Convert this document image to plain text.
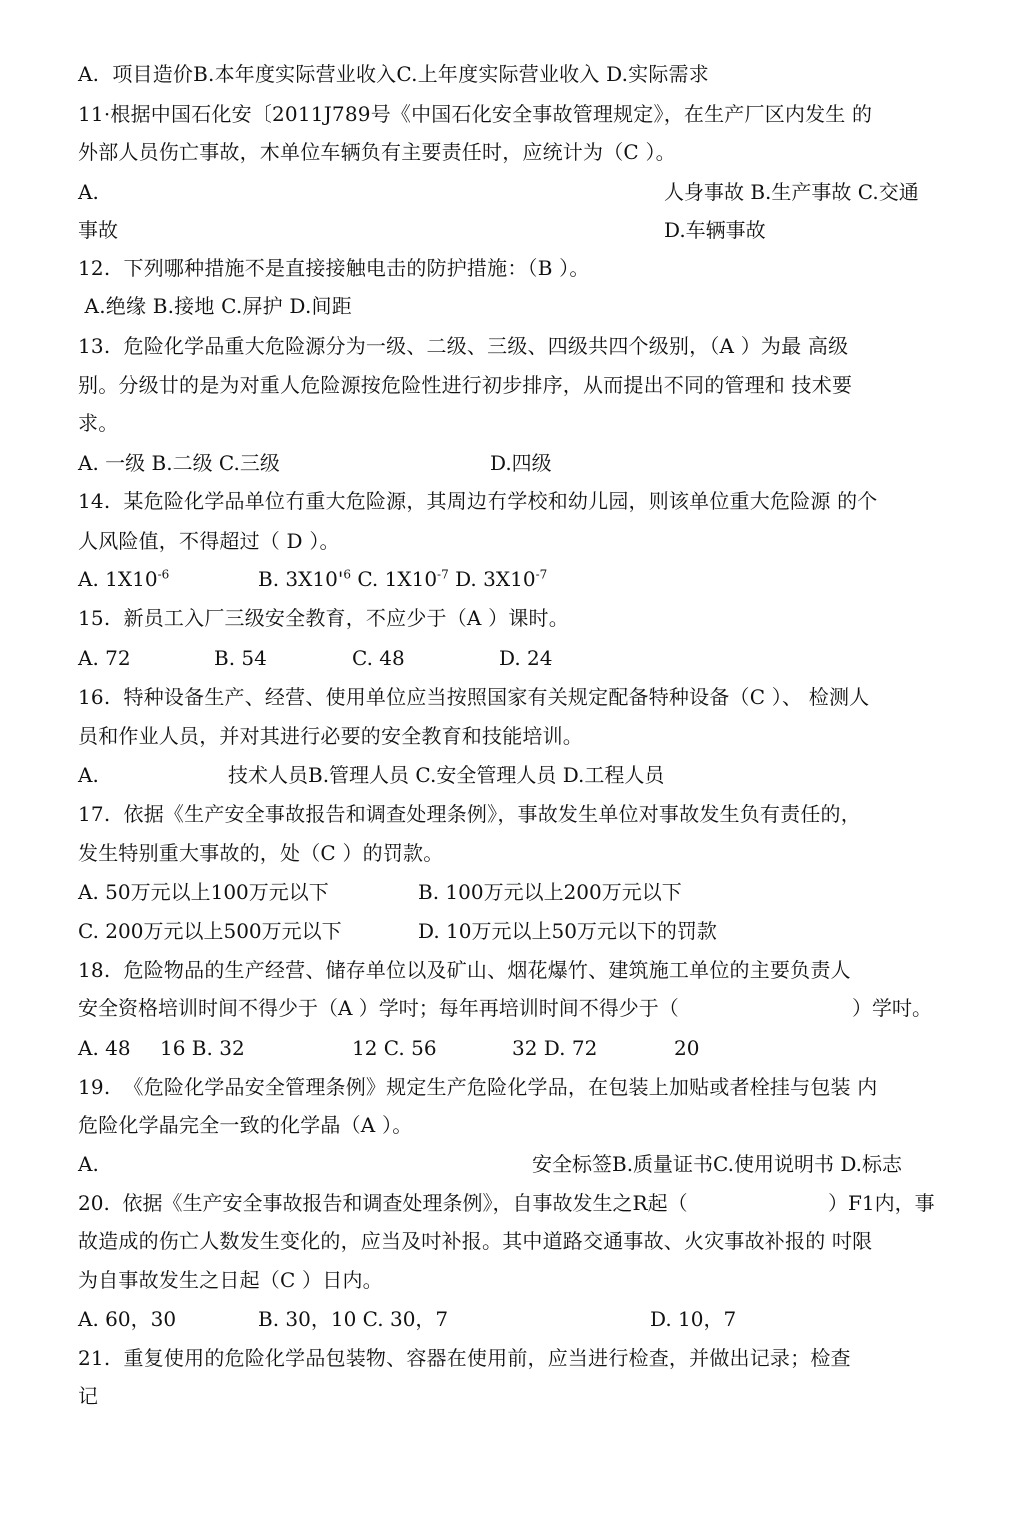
A.  项目造价B.本年度实际营业收入C.上年度实际营业收入 D.实际需求
11·根据中国石化安〔2011J789号《中国石化安全事故管理规定》，在生产厂区内发生 的
外部人员伤亡事故，木单位车辆负有主要责任时，应统计为（C ）。
A.	人身事故 B.生产事故 C.交通
事故	D.车辆事故
12.  下列哪种措施不是直接接触电击的防护措施：（B ）。
A.绝缘 B.接地 C.屏护 D.间距
13.  危险化学品重大危险源分为一级、二级、三级、四级共四个级别，（A ）为最 高级
别。分级廿的是为对重人危险源按危险性进行初步排序，从而提出不同的管理和 技术要
求。
A. 一级 B.二级 C.三级	D.四级
14.  某危险化学品单位冇重大危险源，其周边冇学校和幼儿园，则该单位重大危险源 的个
人风险值，不得超过（ D ）。
A. $1X10^{-6}$	B. $3X10'^6$ C. $1X10^{-7}$ D. $3X10^{-7}$
15.  新员工入厂三级安全教育，不应少于（A ）课时。
A. 72	B. 54	C. 48	D. 24
16.  特种设备生产、经营、使用单位应当按照国家有关规定配备特种设备（C ）、 检测人
员和作业人员，并对其进行必要的安全教育和技能培训。
A.	技术人员B.管理人员 C.安全管理人员 D.工程人员
17.  依据《生产安全事故报告和调查处理条例》，事故发生单位对事故发生负有责任的，
发生特别重大事故的，处（C ）的罚款。
A. 50万元以上100万元以下	B. 100万元以上200万元以下
C. 200万元以上500万元以下	D. 10万元以上50万元以下的罚款
18.  危险物品的生产经营、储存单位以及矿山、烟花爆竹、建筑施工单位的主要负责人
安全资格培训时间不得少于（A ）学吋；每年再培训时间不得少于（	）学吋。
A. 48 16 B. 32	12 C. 56	32 D. 72	20
19.  《危险化学品安全管理条例》规定生产危险化学品，在包装上加贴或者栓挂与包装 内
危险化学晶完全一致的化学晶（A ）。
A.	安全标签B.质量证书C.使用说明书 D.标志
20.  依据《生产安全事故报告和调查处理条例》，自事故发生之R起（	）F1内，事
故造成的伤亡人数发生变化的，应当及吋补报。其中道路交通事故、火灾事故补报的 吋限
为自事故发生之日起（C ）日内。
A. 60，30	B. 30，10 C. 30，7	D. 10，7
21.  重复使用的危险化学品包装物、容器在使用前，应当进行检查，并做出记录；检查
记
